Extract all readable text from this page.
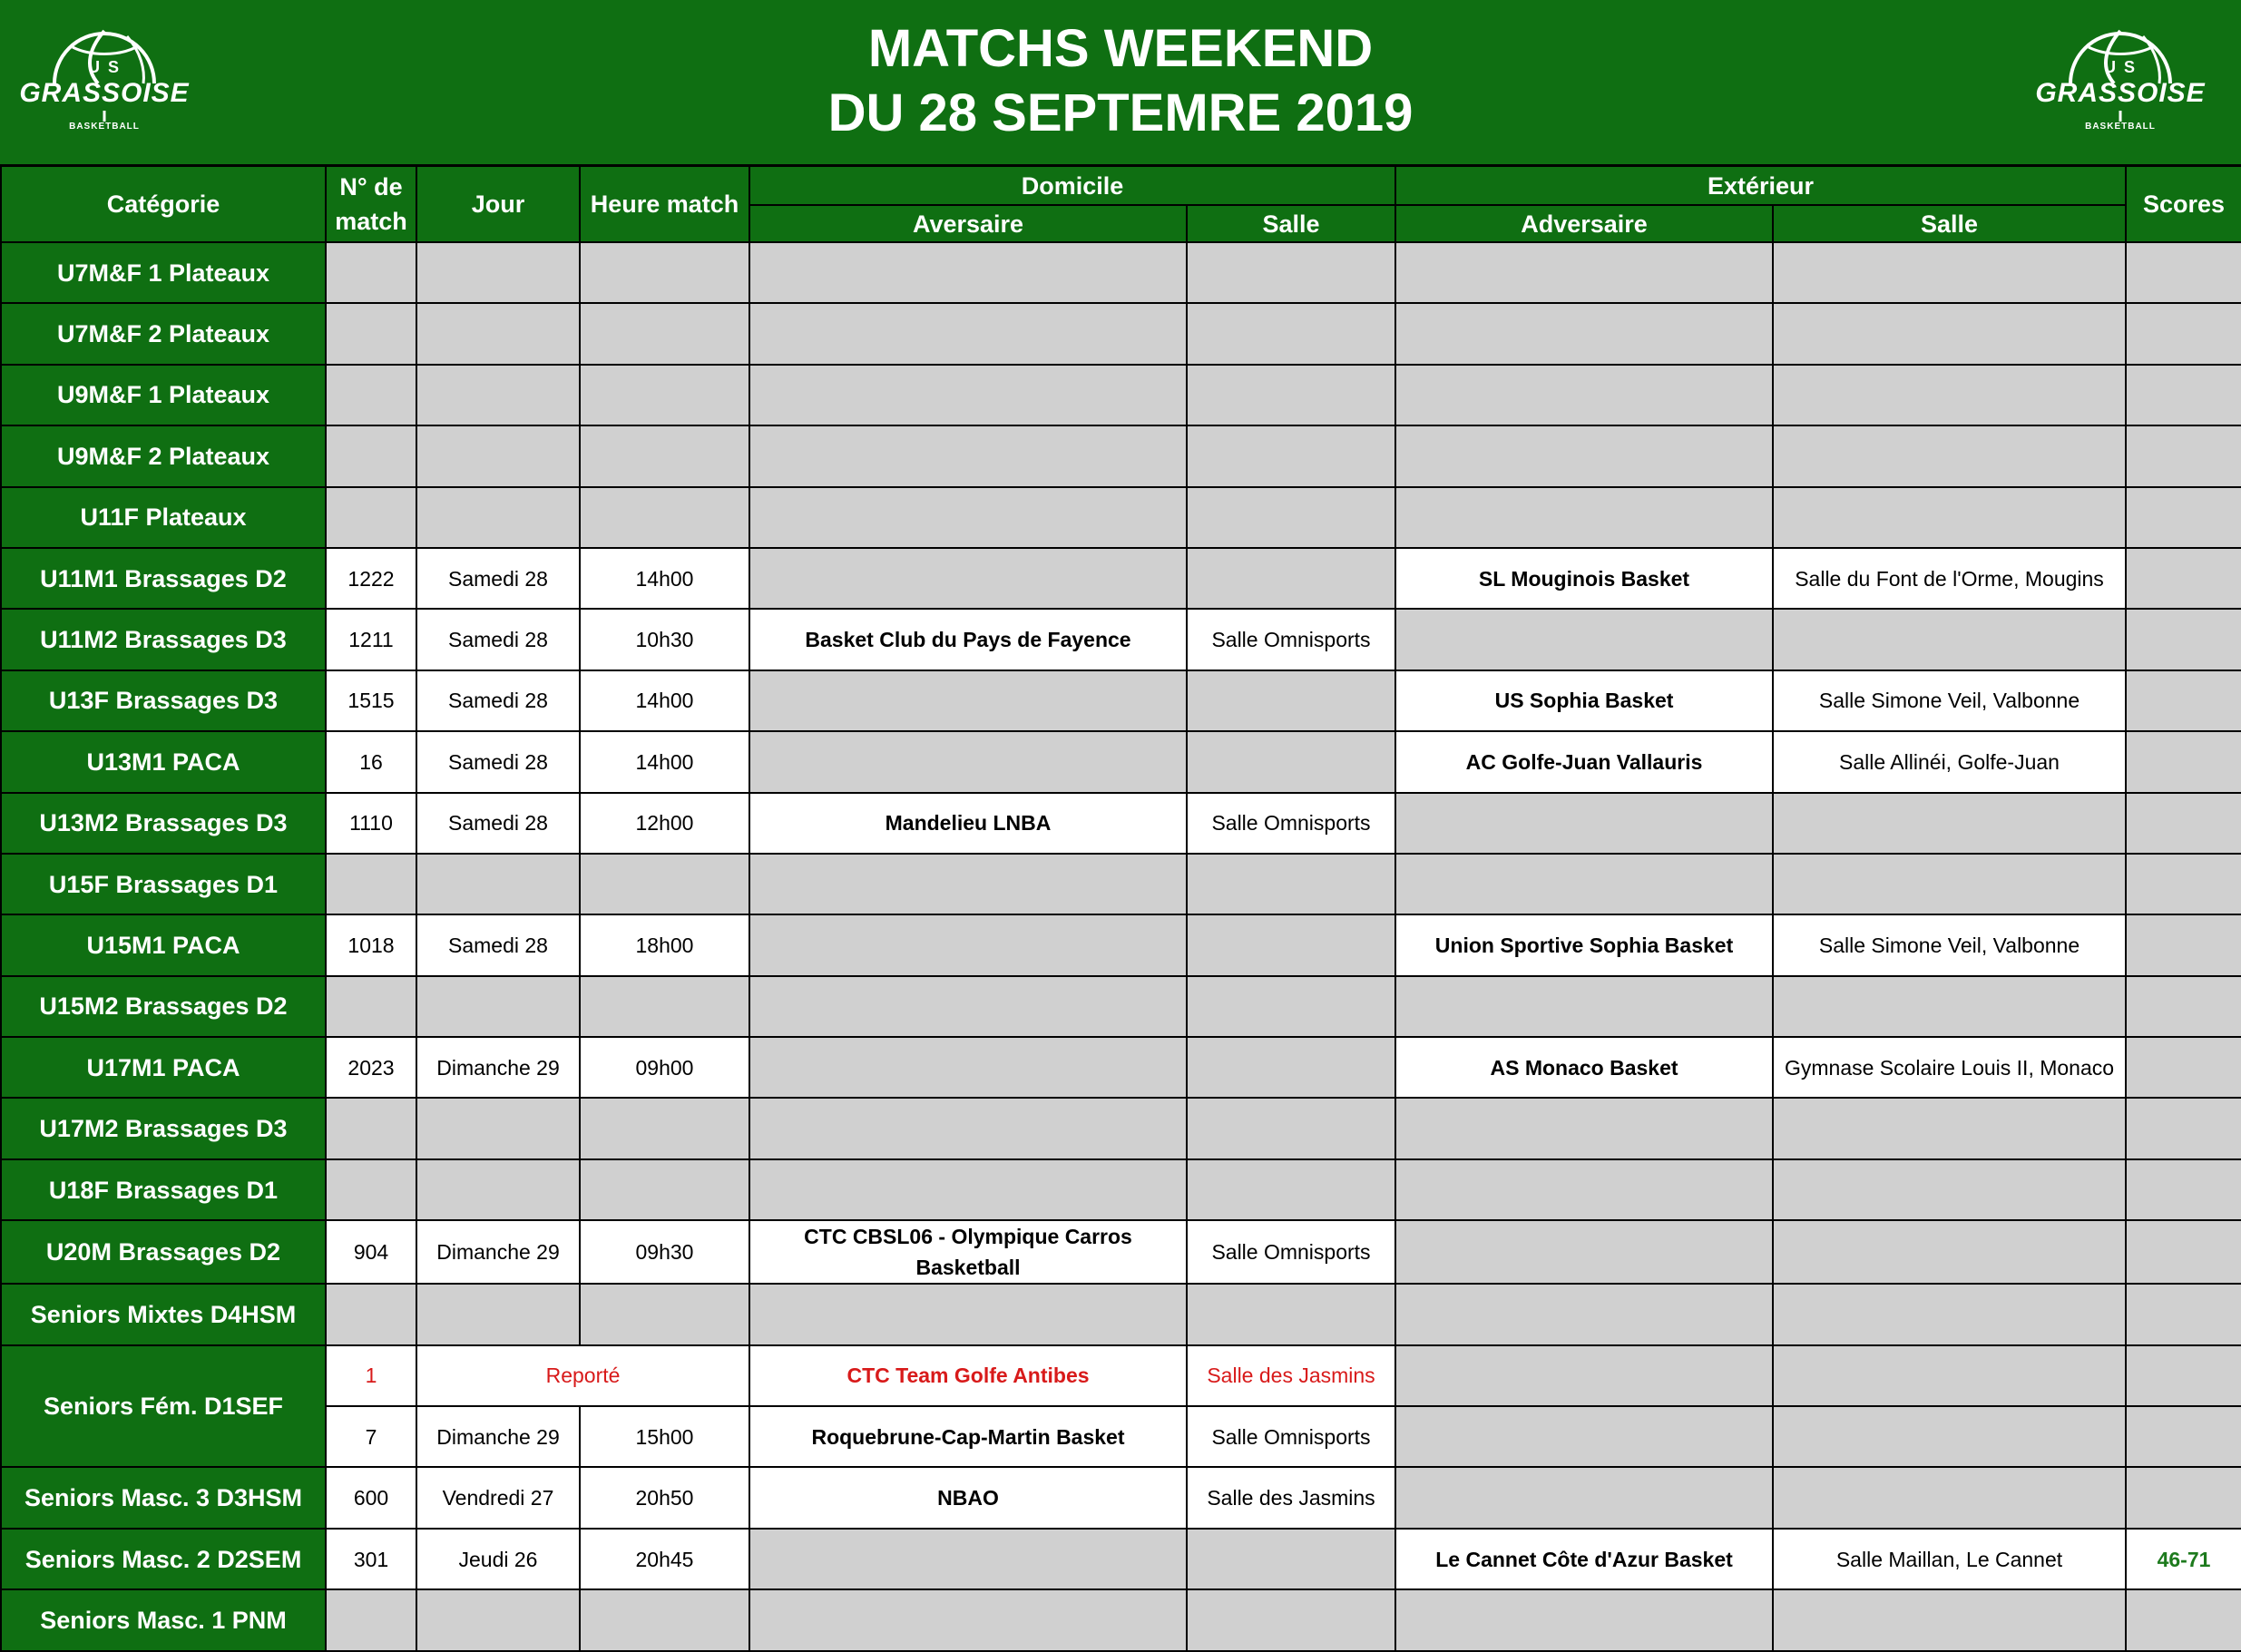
U S
GRASSOISE
BASKETBALL
MATCHS WEEKEND
DU 28 SEPTEMRE 2019
U S
GRASSOISE
BASKETBALL
Catégorie	N° de match	Jour	Heure match	Domicile		Extérieur		Scores
				Aversaire	Salle	Adversaire	Salle	
U7M&F 1 Plateaux								
U7M&F 2 Plateaux								
U9M&F 1 Plateaux								
U9M&F 2 Plateaux								
U11F Plateaux								
U11M1 Brassages D2	1222	Samedi 28	14h00			SL Mouginois Basket	Salle du Font de l'Orme, Mougins	
U11M2 Brassages D3	1211	Samedi 28	10h30	Basket Club du Pays de Fayence	Salle Omnisports			
U13F Brassages D3	1515	Samedi 28	14h00			US Sophia Basket	Salle Simone Veil, Valbonne	
U13M1 PACA	16	Samedi 28	14h00			AC Golfe-Juan Vallauris	Salle Allinéi, Golfe-Juan	
U13M2 Brassages D3	1110	Samedi 28	12h00	Mandelieu LNBA	Salle Omnisports			
U15F Brassages D1								
U15M1 PACA	1018	Samedi 28	18h00			Union Sportive Sophia Basket	Salle Simone Veil, Valbonne	
U15M2 Brassages D2								
U17M1 PACA	2023	Dimanche 29	09h00			AS Monaco Basket	Gymnase Scolaire Louis II, Monaco	
U17M2 Brassages D3								
U18F Brassages D1								
U20M Brassages D2	904	Dimanche 29	09h30	CTC CBSL06 - Olympique Carros Basketball	Salle Omnisports			
Seniors Mixtes D4HSM								
Seniors Fém. D1SEF	1	Reporté		CTC Team Golfe Antibes	Salle des Jasmins			
	7	Dimanche 29	15h00	Roquebrune-Cap-Martin Basket	Salle Omnisports			
Seniors Masc. 3 D3HSM	600	Vendredi 27	20h50	NBAO	Salle des Jasmins			
Seniors Masc. 2 D2SEM	301	Jeudi 26	20h45			Le Cannet Côte d'Azur Basket	Salle Maillan, Le Cannet	46-71
Seniors Masc. 1 PNM								
